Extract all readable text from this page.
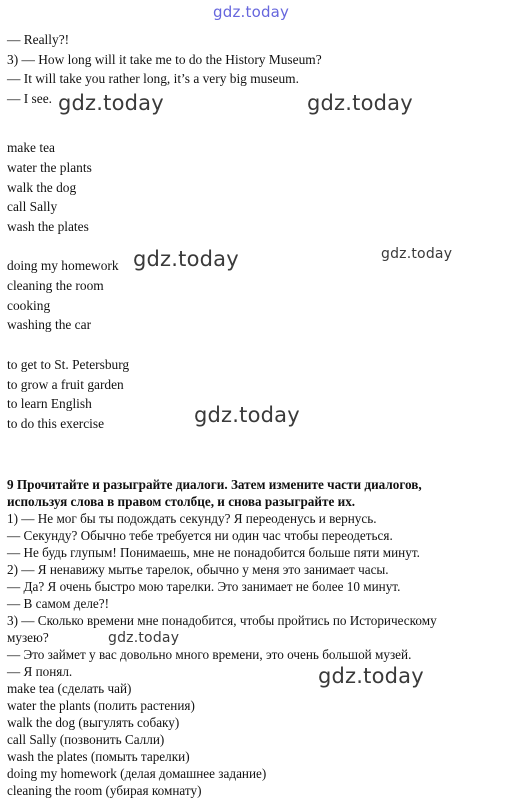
gdz.today
gdz.today	gdz.today
gdz.today	gdz.today
gdz.today
gdz.today
gdz.today
— Really?!
3) — How long will it take me to do the History Museum?
— It will take you rather long, it’s a very big museum.
— I see.
make tea
water the plants
walk the dog
call Sally
wash the plates
doing my homework
cleaning the room
cooking
washing the car
to get to St. Petersburg
to grow a fruit garden
to learn English
to do this exercise
9 Прочитайте и разыграйте диалоги. Затем измените части диалогов,
используя слова в правом столбце, и снова разыграйте их.
1) — Не мог бы ты подождать секунду? Я переоденусь и вернусь.
— Секунду? Обычно тебе требуется ни один час чтобы переодеться.
— Не будь глупым! Понимаешь, мне не понадобится больше пяти минут.
2) — Я ненавижу мытье тарелок, обычно у меня это занимает часы.
— Да? Я очень быстро мою тарелки. Это занимает не более 10 минут.
— В самом деле?!
3) — Сколько времени мне понадобится, чтобы пройтись по Историческому
музею?
— Это займет у вас довольно много времени, это очень большой музей.
— Я понял.
make tea (сделать чай)
water the plants (полить растения)
walk the dog (выгулять собаку)
call Sally (позвонить Салли)
wash the plates (помыть тарелки)
doing my homework (делая домашнее задание)
cleaning the room (убирая комнату)
